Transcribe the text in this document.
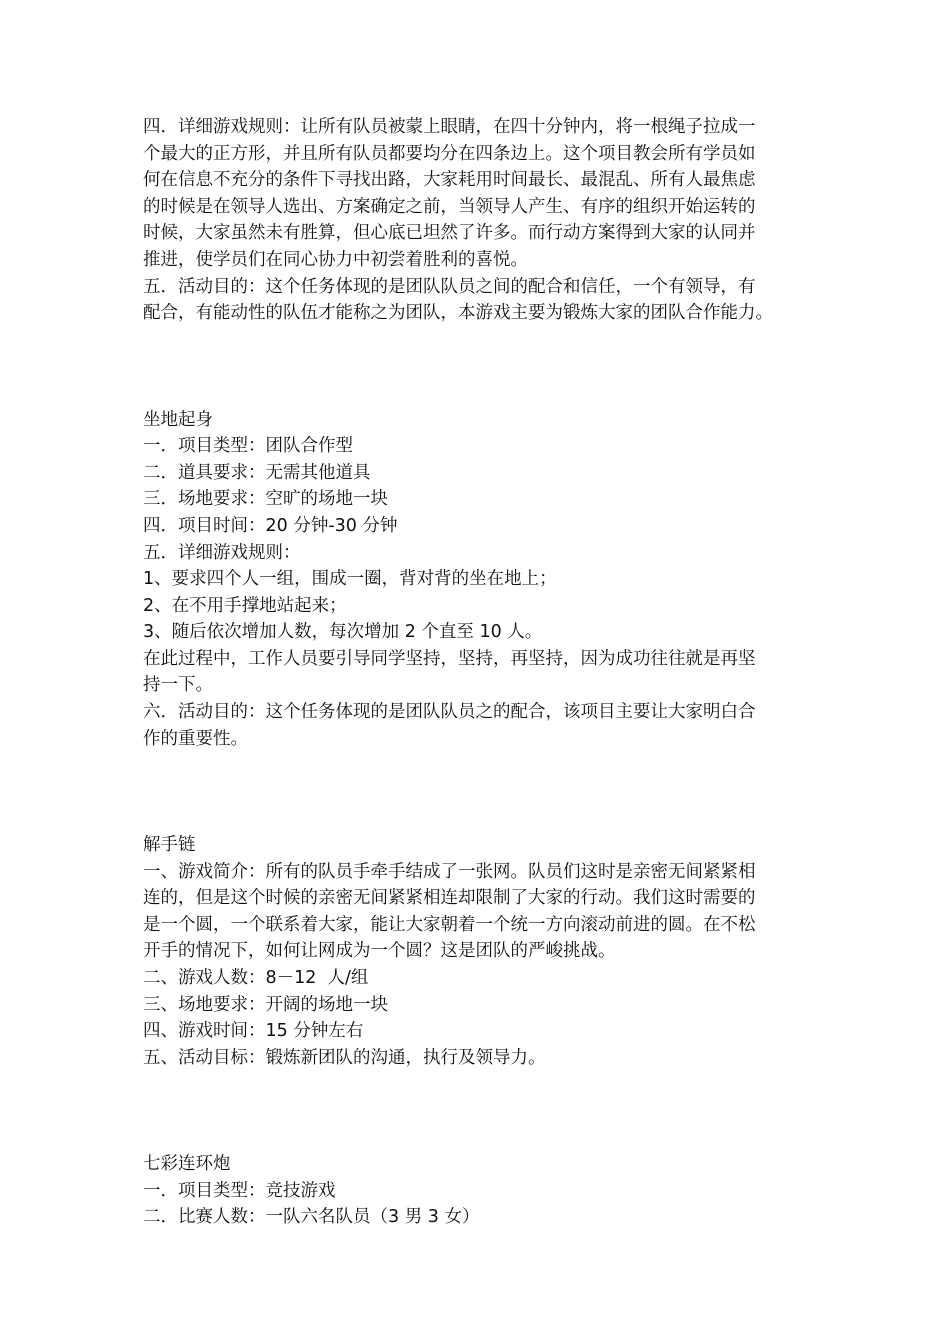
四．详细游戏规则：让所有队员被蒙上眼睛，在四十分钟内，将一根绳子拉成一
个最大的正方形，并且所有队员都要均分在四条边上。这个项目教会所有学员如
何在信息不充分的条件下寻找出路，大家耗用时间最长、最混乱、所有人最焦虑
的时候是在领导人选出、方案确定之前，当领导人产生、有序的组织开始运转的
时候，大家虽然未有胜算，但心底已坦然了许多。而行动方案得到大家的认同并
推进，使学员们在同心协力中初尝着胜利的喜悦。
五．活动目的：这个任务体现的是团队队员之间的配合和信任，一个有领导，有
配合，有能动性的队伍才能称之为团队，本游戏主要为锻炼大家的团队合作能力。
坐地起身
一．项目类型：团队合作型
二．道具要求：无需其他道具
三．场地要求：空旷的场地一块
四．项目时间：20 分钟-30 分钟
五．详细游戏规则：
1、要求四个人一组，围成一圈，背对背的坐在地上；
2、在不用手撑地站起来；
3、随后依次增加人数，每次增加 2 个直至 10 人。
在此过程中，工作人员要引导同学坚持，坚持，再坚持，因为成功往往就是再坚
持一下。
六．活动目的：这个任务体现的是团队队员之的配合，该项目主要让大家明白合
作的重要性。
解手链
一、游戏简介：所有的队员手牵手结成了一张网。队员们这时是亲密无间紧紧相
连的，但是这个时候的亲密无间紧紧相连却限制了大家的行动。我们这时需要的
是一个圆，一个联系着大家，能让大家朝着一个统一方向滚动前进的圆。在不松
开手的情况下，如何让网成为一个圆？这是团队的严峻挑战。
二、游戏人数：8－12  人/组
三、场地要求：开阔的场地一块
四、游戏时间：15 分钟左右
五、活动目标：锻炼新团队的沟通，执行及领导力。
七彩连环炮
一．项目类型：竞技游戏
二．比赛人数：一队六名队员（3 男 3 女）
